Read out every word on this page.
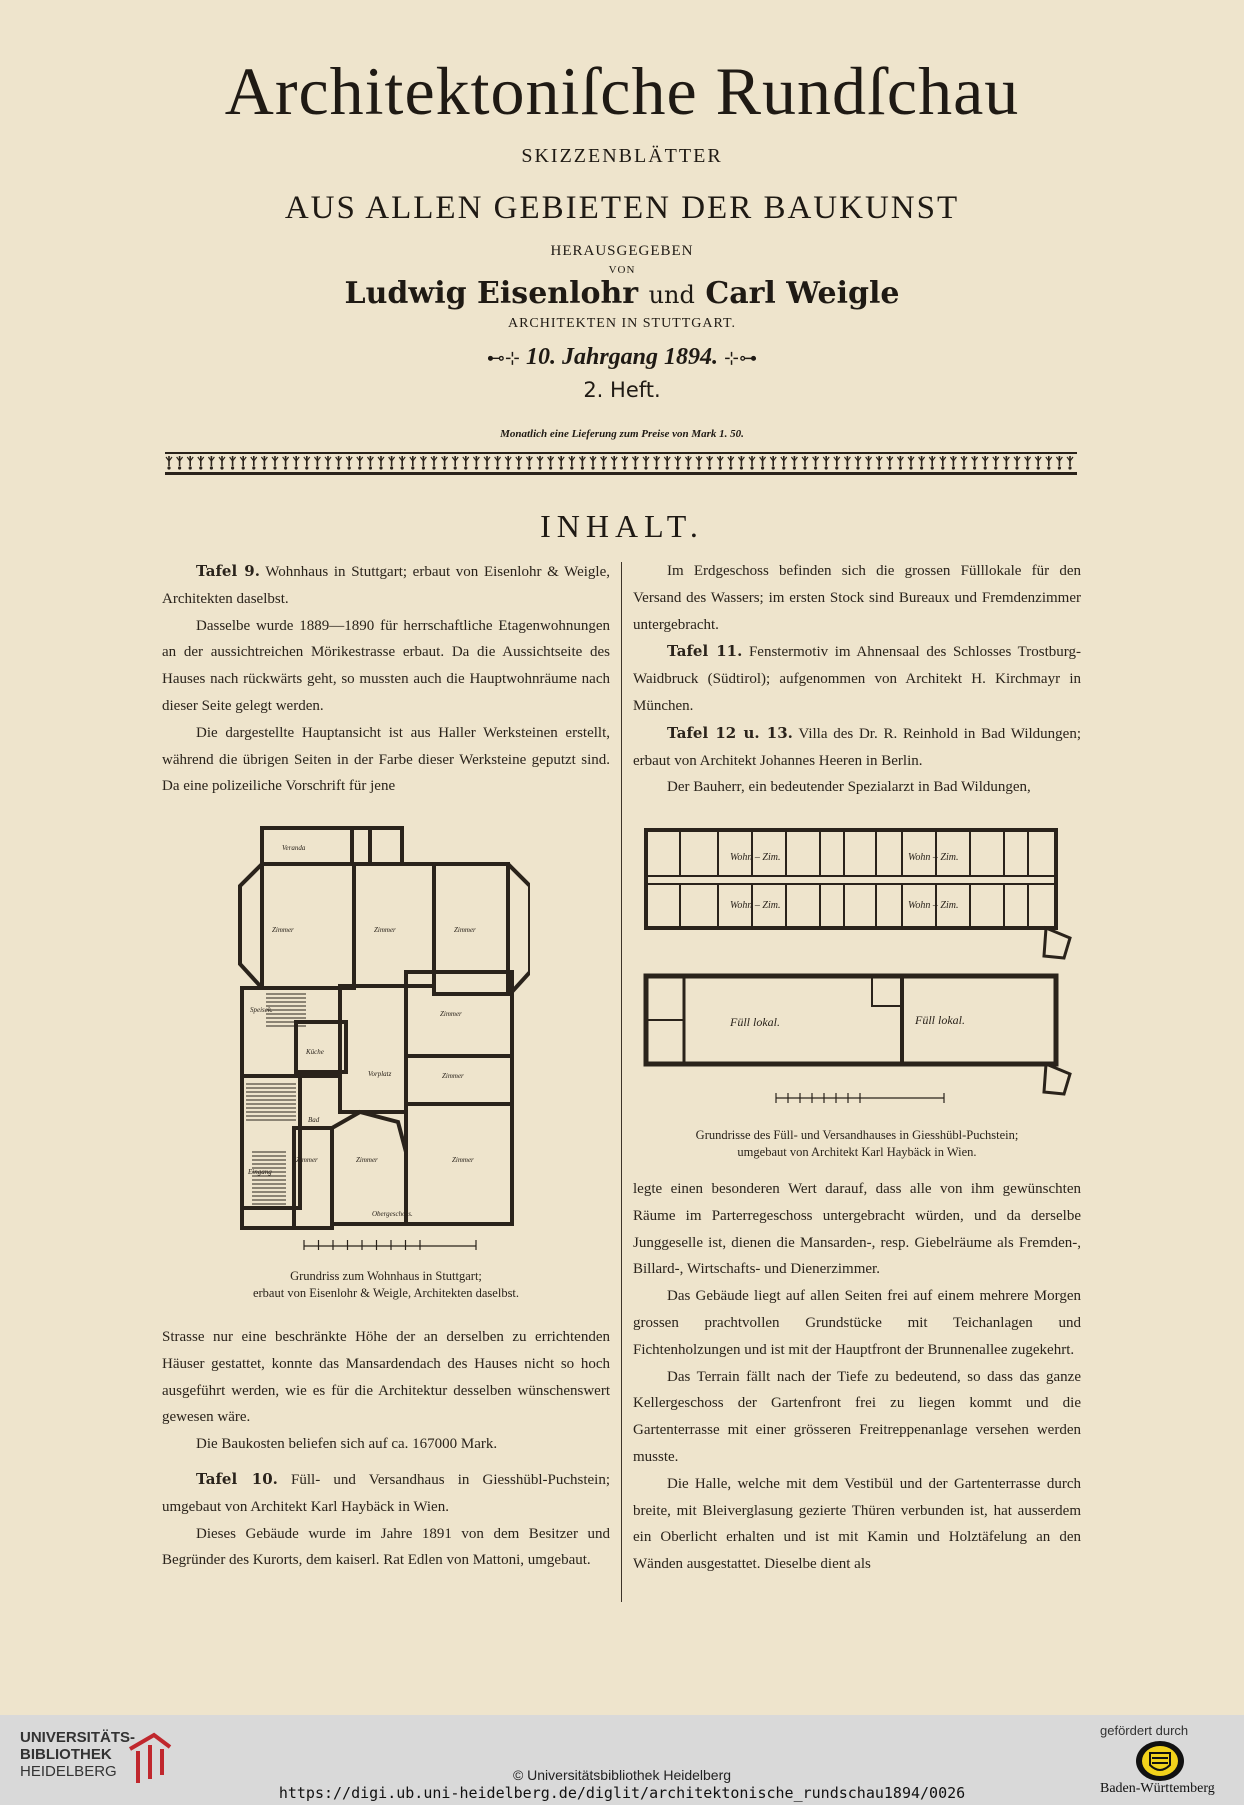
Architektoniſche Rundſchau
SKIZZENBLÄTTER
AUS ALLEN GEBIETEN DER BAUKUNST
HERAUSGEGEBEN
VON
Ludwig Eisenlohr und Carl Weigle
ARCHITEKTEN IN STUTTGART.
⊷⊹ 10. Jahrgang 1894. ⊹⊶
2. Heft.
Monatlich eine Lieferung zum Preise von Mark 1. 50.
INHALT.

Tafel 9. Wohnhaus in Stuttgart; erbaut von Eisenlohr & Weigle, Architekten daselbst.

Dasselbe wurde 1889—1890 für herrschaftliche Etagenwohnungen an der aussichtreichen Mörikestrasse erbaut. Da die Aussichtseite des Hauses nach rückwärts geht, so mussten auch die Hauptwohnräume nach dieser Seite gelegt werden.

Die dargestellte Hauptansicht ist aus Haller Werksteinen erstellt, während die übrigen Seiten in der Farbe dieser Werksteine geputzt sind. Da eine polizeiliche Vorschrift für jene

Veranda
Zimmer	Zimmer	Zimmer
Speisek.
Küche
Zimmer
Vorplatz	Zimmer
Bad
Eingang
Zimmer	Zimmer	Zimmer
Obergeschoss.
Grundriss zum Wohnhaus in Stuttgart;
erbaut von Eisenlohr & Weigle, Architekten daselbst.

Strasse nur eine beschränkte Höhe der an derselben zu errichtenden Häuser gestattet, konnte das Mansardendach des Hauses nicht so hoch ausgeführt werden, wie es für die Architektur desselben wünschenswert gewesen wäre.

Die Baukosten beliefen sich auf ca. 167000 Mark.

Tafel 10. Füll- und Versandhaus in Giesshübl-Puchstein; umgebaut von Architekt Karl Haybäck in Wien.

Dieses Gebäude wurde im Jahre 1891 von dem Besitzer und Begründer des Kurorts, dem kaiserl. Rat Edlen von Mattoni, umgebaut.

Im Erdgeschoss befinden sich die grossen Fülllokale für den Versand des Wassers; im ersten Stock sind Bureaux und Fremdenzimmer untergebracht.

Tafel 11. Fenstermotiv im Ahnensaal des Schlosses Trostburg-Waidbruck (Südtirol); aufgenommen von Architekt H. Kirchmayr in München.

Tafel 12 u. 13. Villa des Dr. R. Reinhold in Bad Wildungen; erbaut von Architekt Johannes Heeren in Berlin.

Der Bauherr, ein bedeutender Spezialarzt in Bad Wildungen,

Wohn – Zim.	Wohn – Zim.
Wohn – Zim.	Wohn – Zim.
Füll lokal.	Füll lokal.
Grundrisse des Füll- und Versandhauses in Giesshübl-Puchstein;
umgebaut von Architekt Karl Haybäck in Wien.

legte einen besonderen Wert darauf, dass alle von ihm gewünschten Räume im Parterregeschoss untergebracht würden, und da derselbe Junggeselle ist, dienen die Mansarden-, resp. Giebelräume als Fremden-, Billard-, Wirtschafts- und Dienerzimmer.

Das Gebäude liegt auf allen Seiten frei auf einem mehrere Morgen grossen prachtvollen Grundstücke mit Teichanlagen und Fichtenholzungen und ist mit der Hauptfront der Brunnenallee zugekehrt.

Das Terrain fällt nach der Tiefe zu bedeutend, so dass das ganze Kellergeschoss der Gartenfront frei zu liegen kommt und die Gartenterrasse mit einer grösseren Freitreppenanlage versehen werden musste.

Die Halle, welche mit dem Vestibül und der Gartenterrasse durch breite, mit Bleiverglasung gezierte Thüren verbunden ist, hat ausserdem ein Oberlicht erhalten und ist mit Kamin und Holztäfelung an den Wänden ausgestattet. Dieselbe dient als

UNIVERSITÄTS-
BIBLIOTHEK
HEIDELBERG	© Universitätsbibliothek Heidelberg
https://digi.ub.uni-heidelberg.de/diglit/architektonische_rundschau1894/0026
gefördert durch
Baden-Württemberg
